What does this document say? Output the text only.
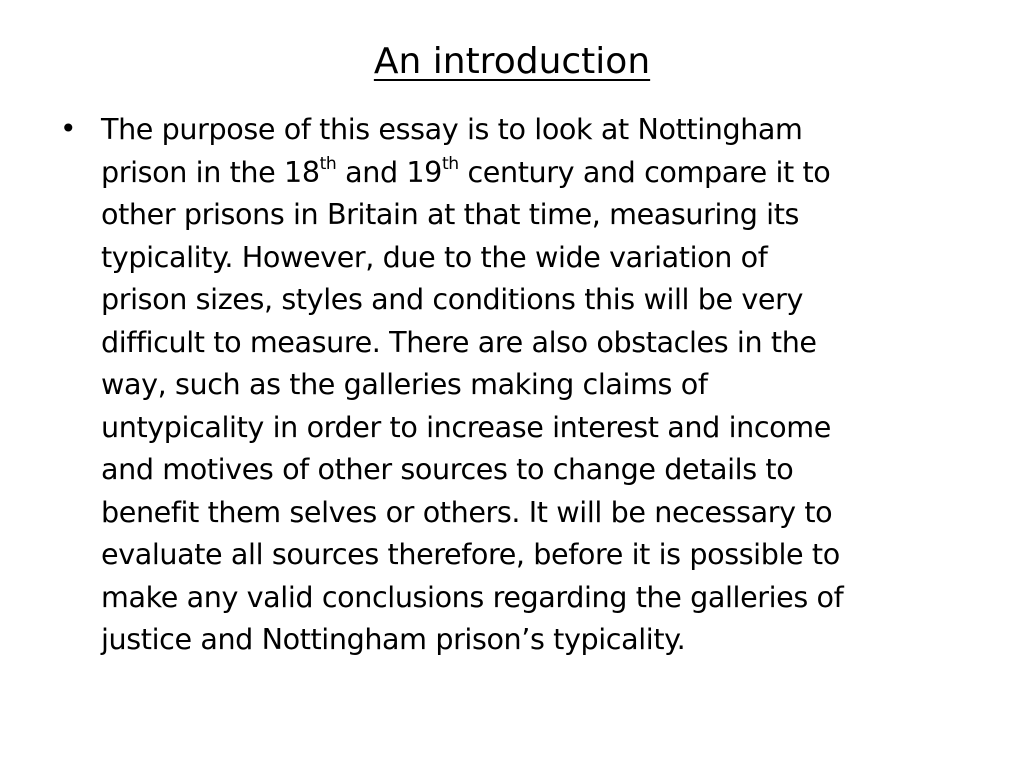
An introduction
• The purpose of this essay is to look at Nottingham
prison in the 18th and 19th century and compare it to
other prisons in Britain at that time, measuring its
typicality. However, due to the wide variation of
prison sizes, styles and conditions this will be very
difficult to measure. There are also obstacles in the
way, such as the galleries making claims of
untypicality in order to increase interest and income
and motives of other sources to change details to
benefit them selves or others. It will be necessary to
evaluate all sources therefore, before it is possible to
make any valid conclusions regarding the galleries of
justice and Nottingham prison’s typicality.
